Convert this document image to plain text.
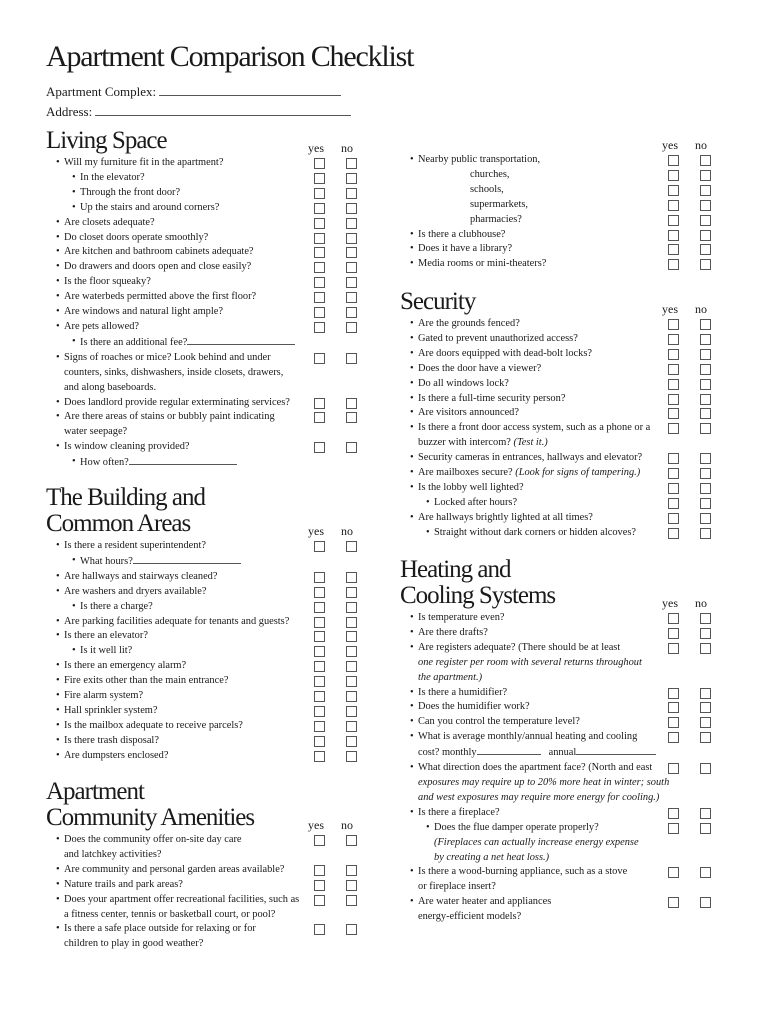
Apartment Comparison Checklist
Apartment Complex:
Address:
Living Space	yes no
• Will my furniture fit in the apartment?
• In the elevator?
• Through the front door?
• Up the stairs and around corners?
• Are closets adequate?
• Do closet doors operate smoothly?
• Are kitchen and bathroom cabinets adequate?
• Do drawers and doors open and close easily?
• Is the floor squeaky?
• Are waterbeds permitted above the first floor?
• Are windows and natural light ample?
• Are pets allowed?
• Is there an additional fee?
• Signs of roaches or mice? Look behind and under
counters, sinks, dishwashers, inside closets, drawers,
and along baseboards.
• Does landlord provide regular exterminating services?
• Are there areas of stains or bubbly paint indicating
water seepage?
• Is window cleaning provided?
• How often?
The Building and
Common Areas	yes no
• Is there a resident superintendent?
• What hours?
• Are hallways and stairways cleaned?
• Are washers and dryers available?
• Is there a charge?
• Are parking facilities adequate for tenants and guests?
• Is there an elevator?
• Is it well lit?
• Is there an emergency alarm?
• Fire exits other than the main entrance?
• Fire alarm system?
• Hall sprinkler system?
• Is the mailbox adequate to receive parcels?
• Is there trash disposal?
• Are dumpsters enclosed?
Apartment
Community Amenities	yes no
• Does the community offer on-site day care
and latchkey activities?
• Are community and personal garden areas available?
• Nature trails and park areas?
• Does your apartment offer recreational facilities, such as
a fitness center, tennis or basketball court, or pool?
• Is there a safe place outside for relaxing or for
children to play in good weather?
yes no
• Nearby public transportation,
churches,
schools,
supermarkets,
pharmacies?
• Is there a clubhouse?
• Does it have a library?
• Media rooms or mini-theaters?
Security	yes no
• Are the grounds fenced?
• Gated to prevent unauthorized access?
• Are doors equipped with dead-bolt locks?
• Does the door have a viewer?
• Do all windows lock?
• Is there a full-time security person?
• Are visitors announced?
• Is there a front door access system, such as a phone or a
buzzer with intercom? (Test it.)
• Security cameras in entrances, hallways and elevator?
• Are mailboxes secure? (Look for signs of tampering.)
• Is the lobby well lighted?
• Locked after hours?
• Are hallways brightly lighted at all times?
• Straight without dark corners or hidden alcoves?
Heating and
Cooling Systems	yes no
• Is temperature even?
• Are there drafts?
• Are registers adequate? (There should be at least
one register per room with several returns throughout
the apartment.)
• Is there a humidifier?
• Does the humidifier work?
• Can you control the temperature level?
• What is average monthly/annual heating and cooling
cost? monthly	annual
• What direction does the apartment face? (North and east
exposures may require up to 20% more heat in winter; south
and west exposures may require more energy for cooling.)
• Is there a fireplace?
• Does the flue damper operate properly?
(Fireplaces can actually increase energy expense
by creating a net heat loss.)
• Is there a wood-burning appliance, such as a stove
or fireplace insert?
• Are water heater and appliances
energy-efficient models?
